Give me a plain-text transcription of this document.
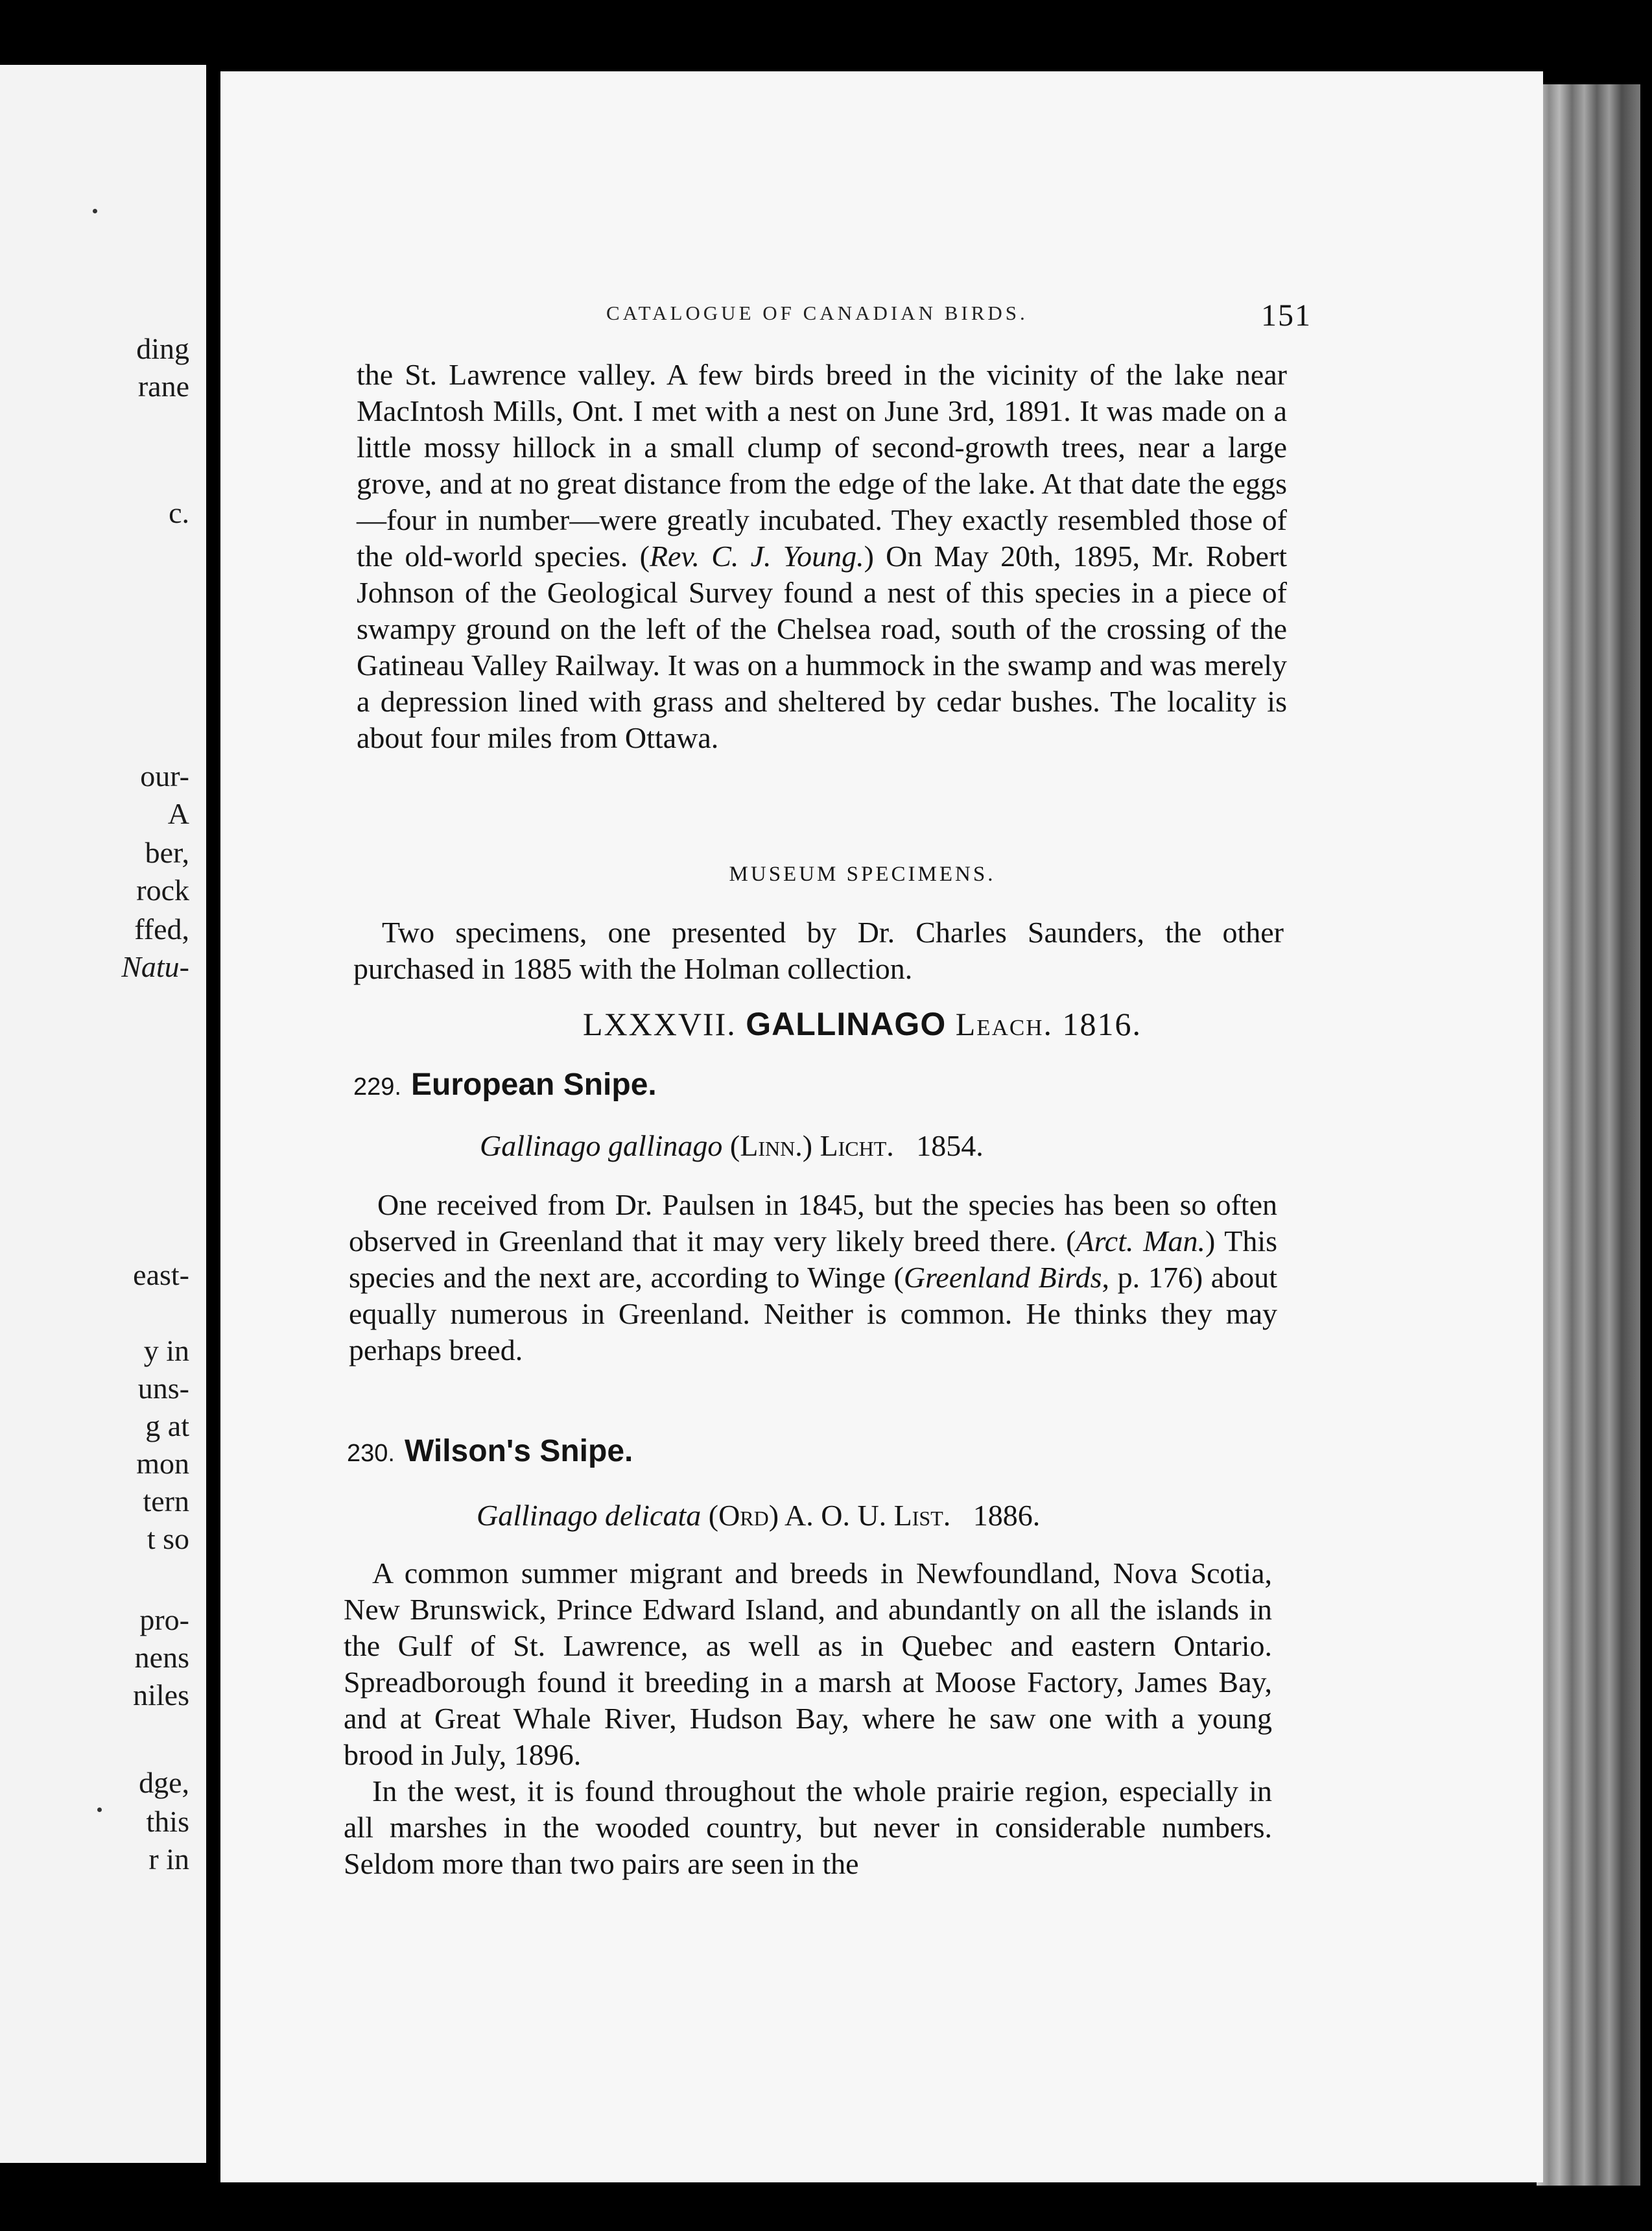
ding
rane
c.
our-
A
ber,
rock
ffed,
Natu-
east-
y in
uns-
g at
mon
tern
t so
pro-
nens
niles
dge,
this
r in
CATALOGUE OF CANADIAN BIRDS.	151

the St. Lawrence valley. A few birds breed in the vicinity of the lake near MacIntosh Mills, Ont. I met with a nest on June 3rd, 1891. It was made on a little mossy hillock in a small clump of second-growth trees, near a large grove, and at no great distance from the edge of the lake. At that date the eggs—four in number—were greatly incubated. They exactly resembled those of the old-world species. (Rev. C. J. Young.) On May 20th, 1895, Mr. Robert Johnson of the Geological Survey found a nest of this species in a piece of swampy ground on the left of the Chelsea road, south of the crossing of the Gatineau Valley Railway. It was on a hummock in the swamp and was merely a depression lined with grass and sheltered by cedar bushes. The locality is about four miles from Ottawa.

MUSEUM SPECIMENS.

Two specimens, one presented by Dr. Charles Saunders, the other purchased in 1885 with the Holman collection.

LXXXVII. GALLINAGO Leach. 1816.
229. European Snipe.
Gallinago gallinago (Linn.) Licht. 1854.

One received from Dr. Paulsen in 1845, but the species has been so often observed in Greenland that it may very likely breed there. (Arct. Man.) This species and the next are, according to Winge (Greenland Birds, p. 176) about equally numerous in Greenland. Neither is common. He thinks they may perhaps breed.

230. Wilson's Snipe.
Gallinago delicata (Ord) A. O. U. List. 1886.

A common summer migrant and breeds in Newfoundland, Nova Scotia, New Brunswick, Prince Edward Island, and abundantly on all the islands in the Gulf of St. Lawrence, as well as in Quebec and eastern Ontario. Spreadborough found it breeding in a marsh at Moose Factory, James Bay, and at Great Whale River, Hudson Bay, where he saw one with a young brood in July, 1896.

In the west, it is found throughout the whole prairie region, especially in all marshes in the wooded country, but never in considerable numbers. Seldom more than two pairs are seen in the
